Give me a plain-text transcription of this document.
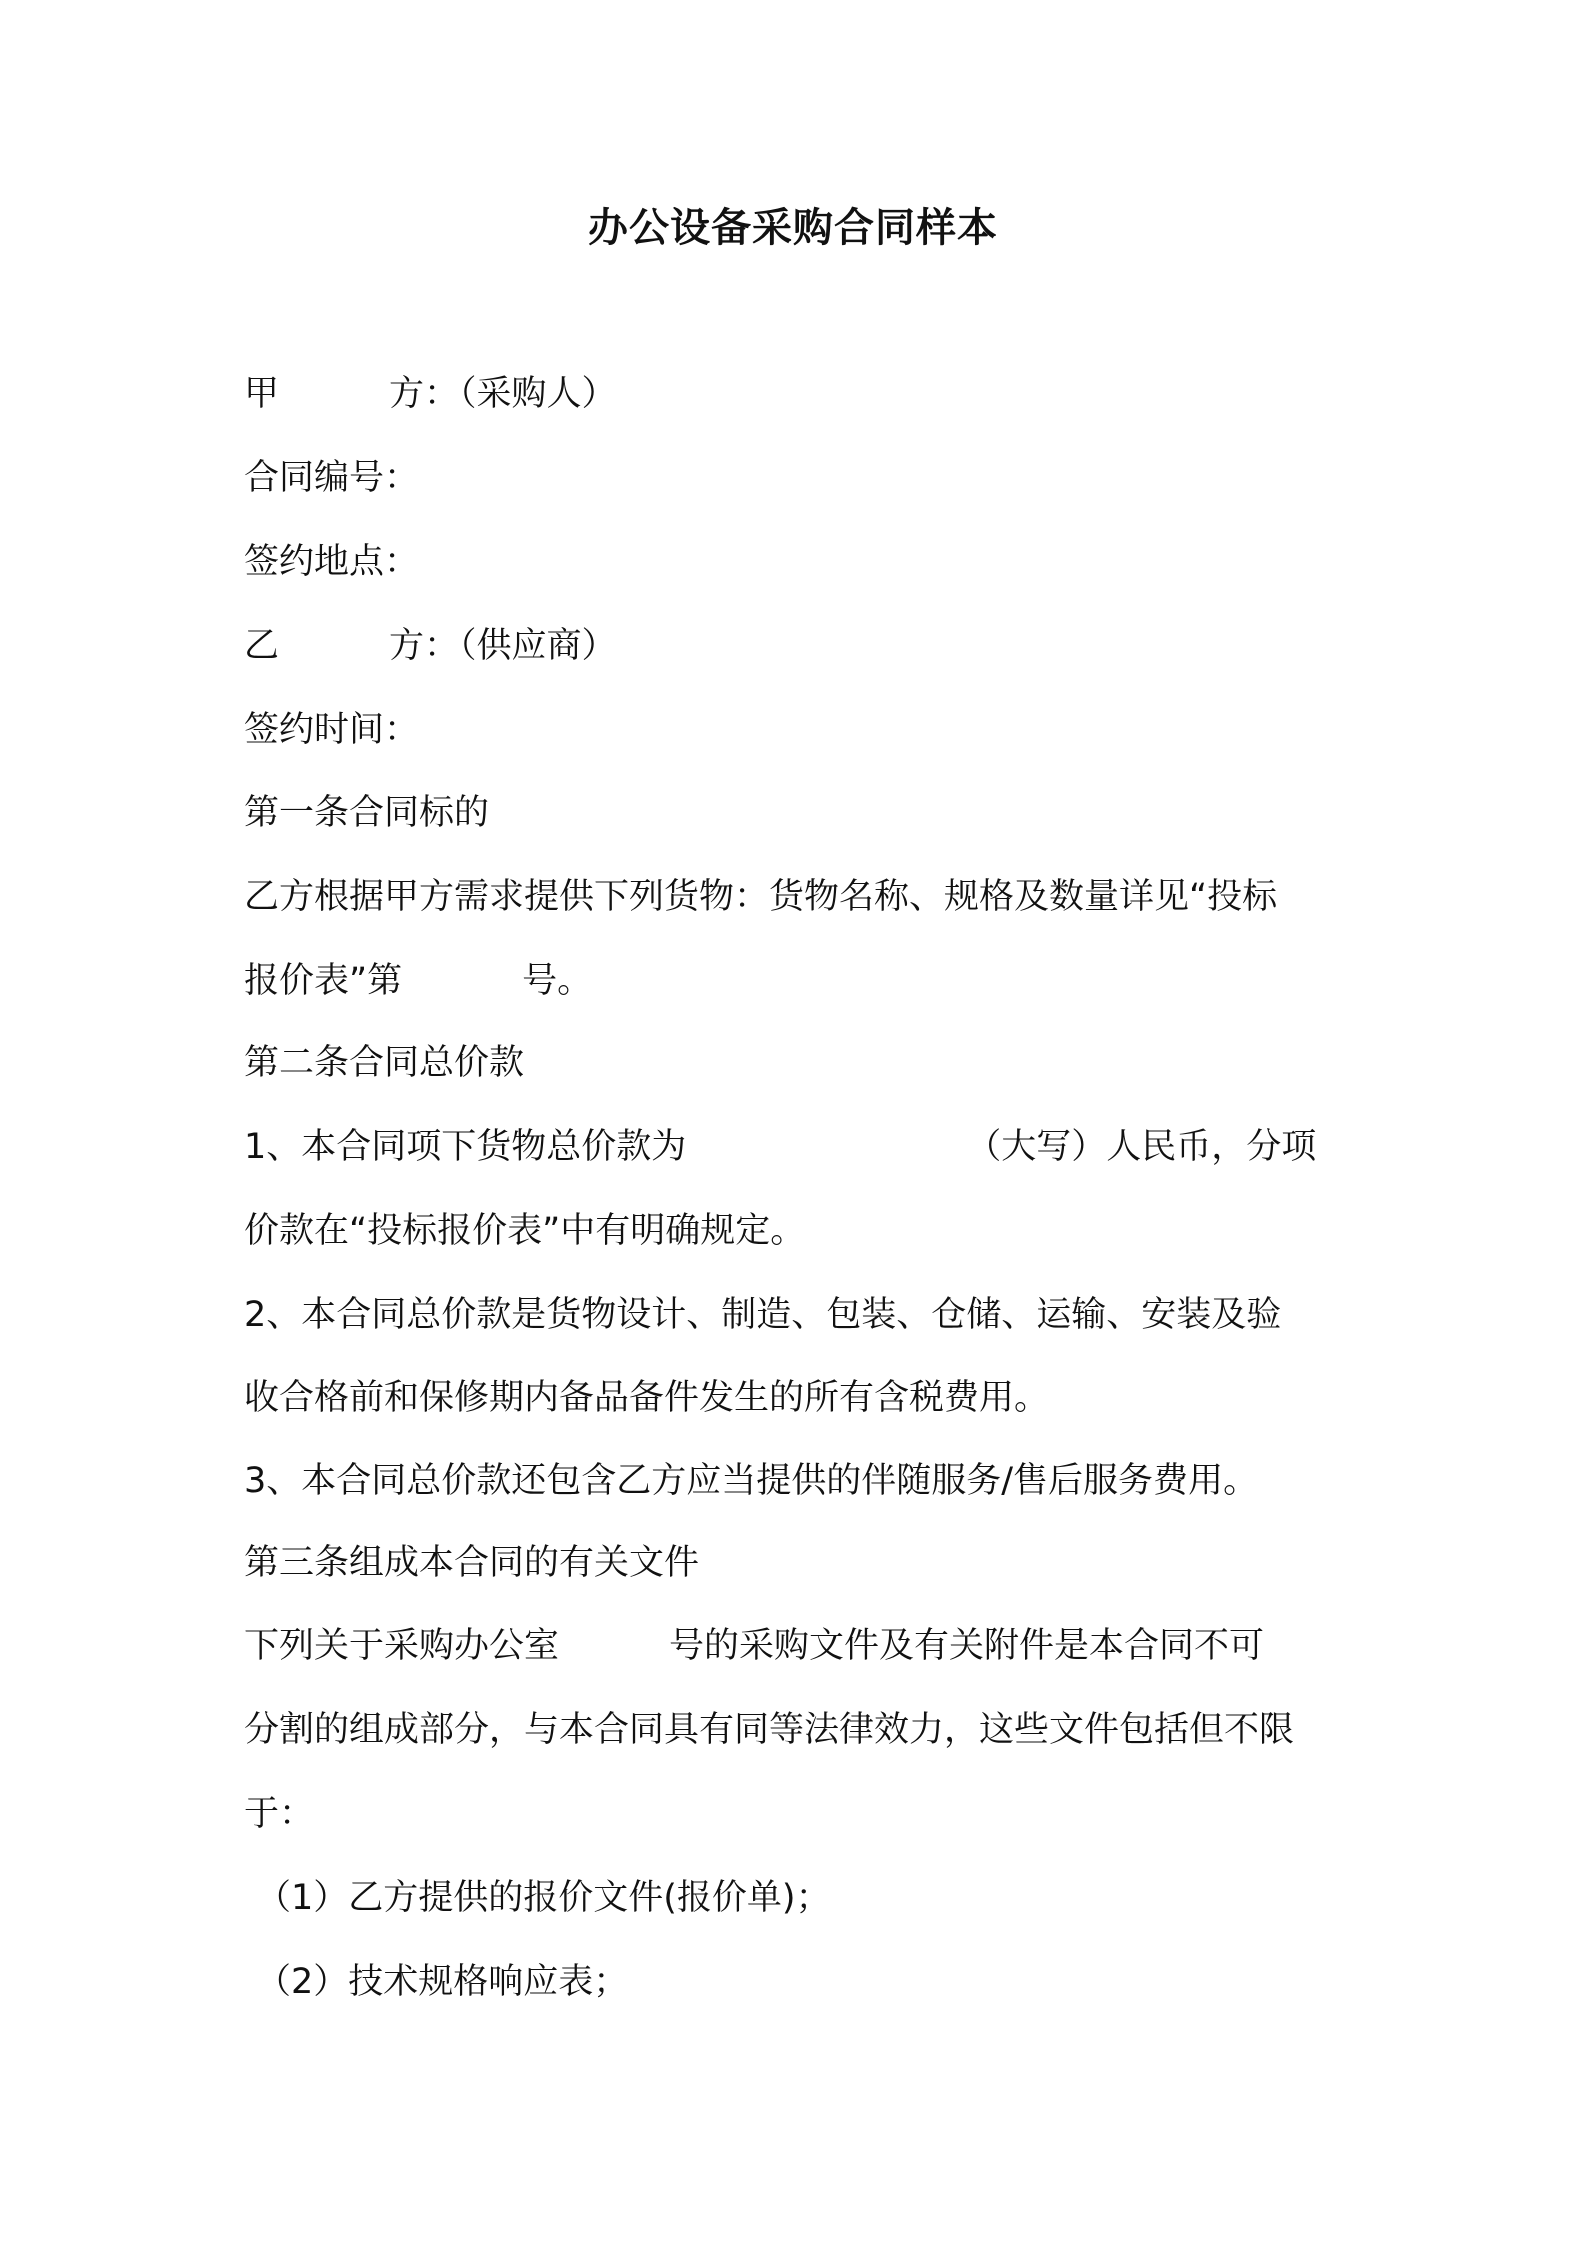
办公设备采购合同样本
甲	方：（采购人）
合同编号：
签约地点：
乙	方：（供应商）
签约时间：
第一条合同标的
乙方根据甲方需求提供下列货物：货物名称、规格及数量详见“投标
报价表”第	号。
第二条合同总价款
1、本合同项下货物总价款为	（大写）人民币，分项
价款在“投标报价表”中有明确规定。
2、本合同总价款是货物设计、制造、包装、仓储、运输、安装及验
收合格前和保修期内备品备件发生的所有含税费用。
3、本合同总价款还包含乙方应当提供的伴随服务/售后服务费用。
第三条组成本合同的有关文件
下列关于采购办公室	号的采购文件及有关附件是本合同不可
分割的组成部分，与本合同具有同等法律效力，这些文件包括但不限
于：
（1）乙方提供的报价文件(报价单)；
（2）技术规格响应表；
